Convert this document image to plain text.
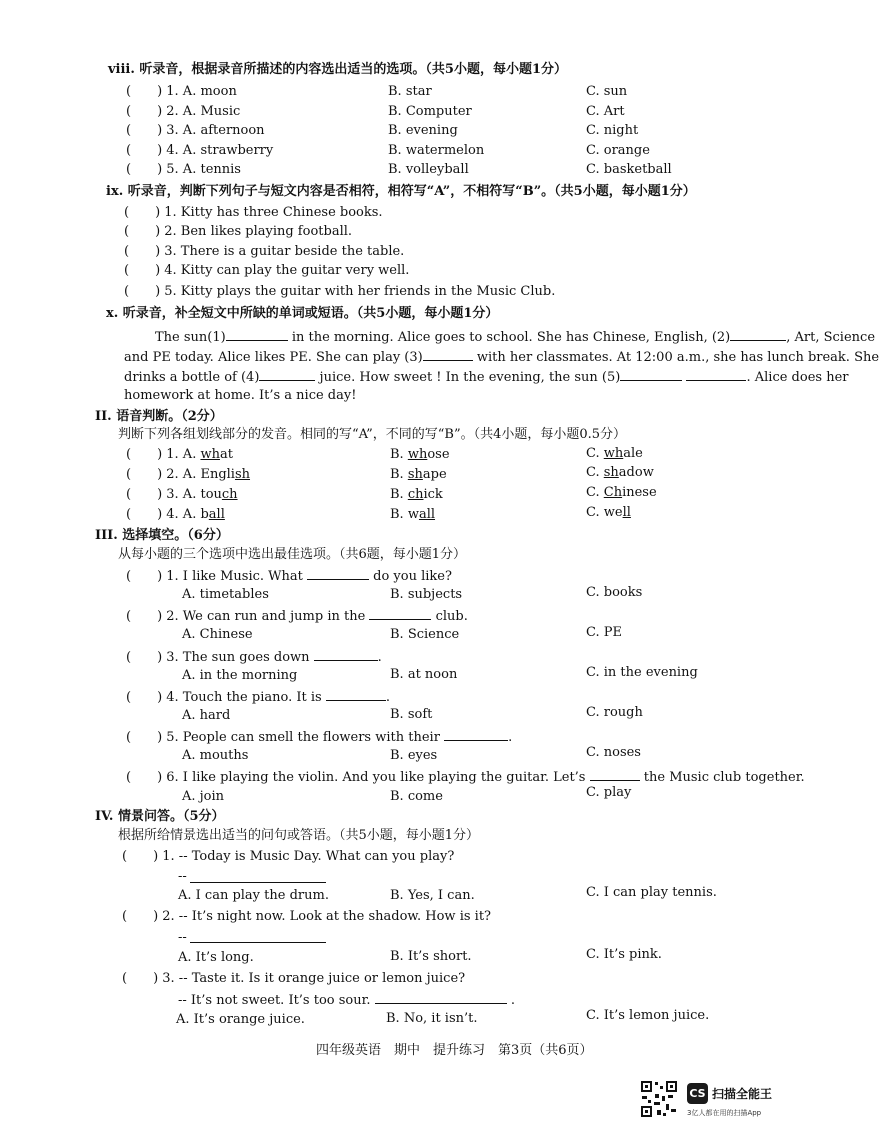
viii. 听录音，根据录音所描述的内容选出适当的选项。（共5小题，每小题1分）
(　　) 1. A. moon	B. star	C. sun
(　　) 2. A. Music	B. Computer	C. Art
(　　) 3. A. afternoon	B. evening	C. night
(　　) 4. A. strawberry	B. watermelon	C. orange
(　　) 5. A. tennis	B. volleyball	C. basketball
ix. 听录音，判断下列句子与短文内容是否相符，相符写“A”，不相符写“B”。（共5小题，每小题1分）
(　　) 1. Kitty has three Chinese books.
(　　) 2. Ben likes playing football.
(　　) 3. There is a guitar beside the table.
(　　) 4. Kitty can play the guitar very well.
(　　) 5. Kitty plays the guitar with her friends in the Music Club.
x. 听录音，补全短文中所缺的单词或短语。（共5小题，每小题1分）
The sun(1)	in the morning. Alice goes to school. She has Chinese, English, (2)	, Art, Science
and PE today. Alice likes PE. She can play (3)	with her classmates. At 12:00 a.m., she has lunch break. She
drinks a bottle of (4)	juice. How sweet ! In the evening, the sun (5)	. Alice does her
homework at home. It’s a nice day!
II. 语音判断。（2分）
判断下列各组划线部分的发音。相同的写“A”，不同的写“B”。（共4小题，每小题0.5分）
(　　) 1. A. what	B. whose	C. whale
(　　) 2. A. English	B. shape	C. shadow
(　　) 3. A. touch	B. chick	C. Chinese
(　　) 4. A. ball	B. wall	C. well
III. 选择填空。（6分）
从每小题的三个选项中选出最佳选项。（共6题，每小题1分）
(　　) 1. I like Music. What	do you like?
A. timetables	B. subjects	C. books
(　　) 2. We can run and jump in the	club.
A. Chinese	B. Science	C. PE
(　　) 3. The sun goes down	.
A. in the morning	B. at noon	C. in the evening
(　　) 4. Touch the piano. It is	.
A. hard	B. soft	C. rough
(　　) 5. People can smell the flowers with their	.
A. mouths	B. eyes	C. noses
(　　) 6. I like playing the violin. And you like playing the guitar. Let’s	the Music club together.
A. join	B. come	C. play
IV. 情景问答。（5分）
根据所给情景选出适当的问句或答语。（共5小题，每小题1分）
(　　) 1. -- Today is Music Day. What can you play?
--
A. I can play the drum.	B. Yes, I can.	C. I can play tennis.
(　　) 2. -- It’s night now. Look at the shadow. How is it?
--
A. It’s long.	B. It’s short.	C. It’s pink.
(　　) 3. -- Taste it. Is it orange juice or lemon juice?
-- It’s not sweet. It’s too sour.	.
A. It’s orange juice.	B. No, it isn’t.	C. It’s lemon juice.
四年级英语　期中　提升练习　第3页（共6页）
CS 扫描全能王
3亿人都在用的扫描App
